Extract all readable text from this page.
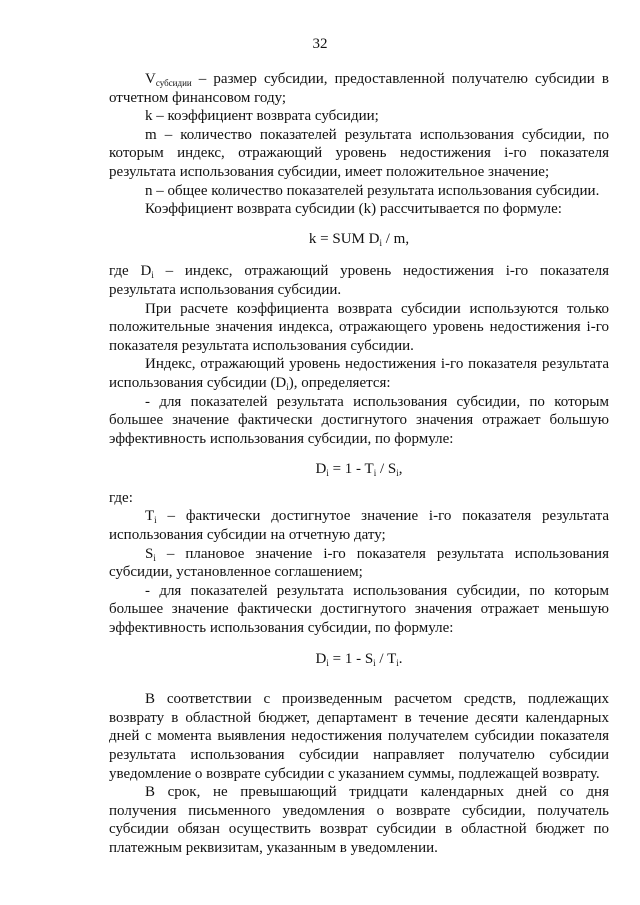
32

$V_{субсидии}$ – размер субсидии, предоставленной получателю субсидии в отчетном финансовом году;

k – коэффициент возврата субсидии;

m – количество показателей результата использования субсидии, по которым индекс, отражающий уровень недостижения i-го показателя результата использования субсидии, имеет положительное значение;

n – общее количество показателей результата использования субсидии.

Коэффициент возврата субсидии (k) рассчитывается по формуле:

k = SUM $D_i$ / m,

где $D_i$ – индекс, отражающий уровень недостижения i-го показателя результата использования субсидии.

При расчете коэффициента возврата субсидии используются только положительные значения индекса, отражающего уровень недостижения i-го показателя результата использования субсидии.

Индекс, отражающий уровень недостижения i-го показателя результата использования субсидии $(D_i)$, определяется:

- для показателей результата использования субсидии, по которым большее значение фактически достигнутого значения отражает большую эффективность использования субсидии, по формуле:

$D_i = 1 - T_i / S_i$,

где:

$T_i$ – фактически достигнутое значение i-го показателя результата использования субсидии на отчетную дату;

$S_i$ – плановое значение i-го показателя результата использования субсидии, установленное соглашением;

- для показателей результата использования субсидии, по которым большее значение фактически достигнутого значения отражает меньшую эффективность использования субсидии, по формуле:

$D_i = 1 - S_i / T_i$.

В соответствии с произведенным расчетом средств, подлежащих возврату в областной бюджет, департамент в течение десяти календарных дней с момента выявления недостижения получателем субсидии показателя результата использования субсидии направляет получателю субсидии уведомление о возврате субсидии с указанием суммы, подлежащей возврату.

В срок, не превышающий тридцати календарных дней со дня получения письменного уведомления о возврате субсидии, получатель субсидии обязан осуществить возврат субсидии в областной бюджет по платежным реквизитам, указанным в уведомлении.
